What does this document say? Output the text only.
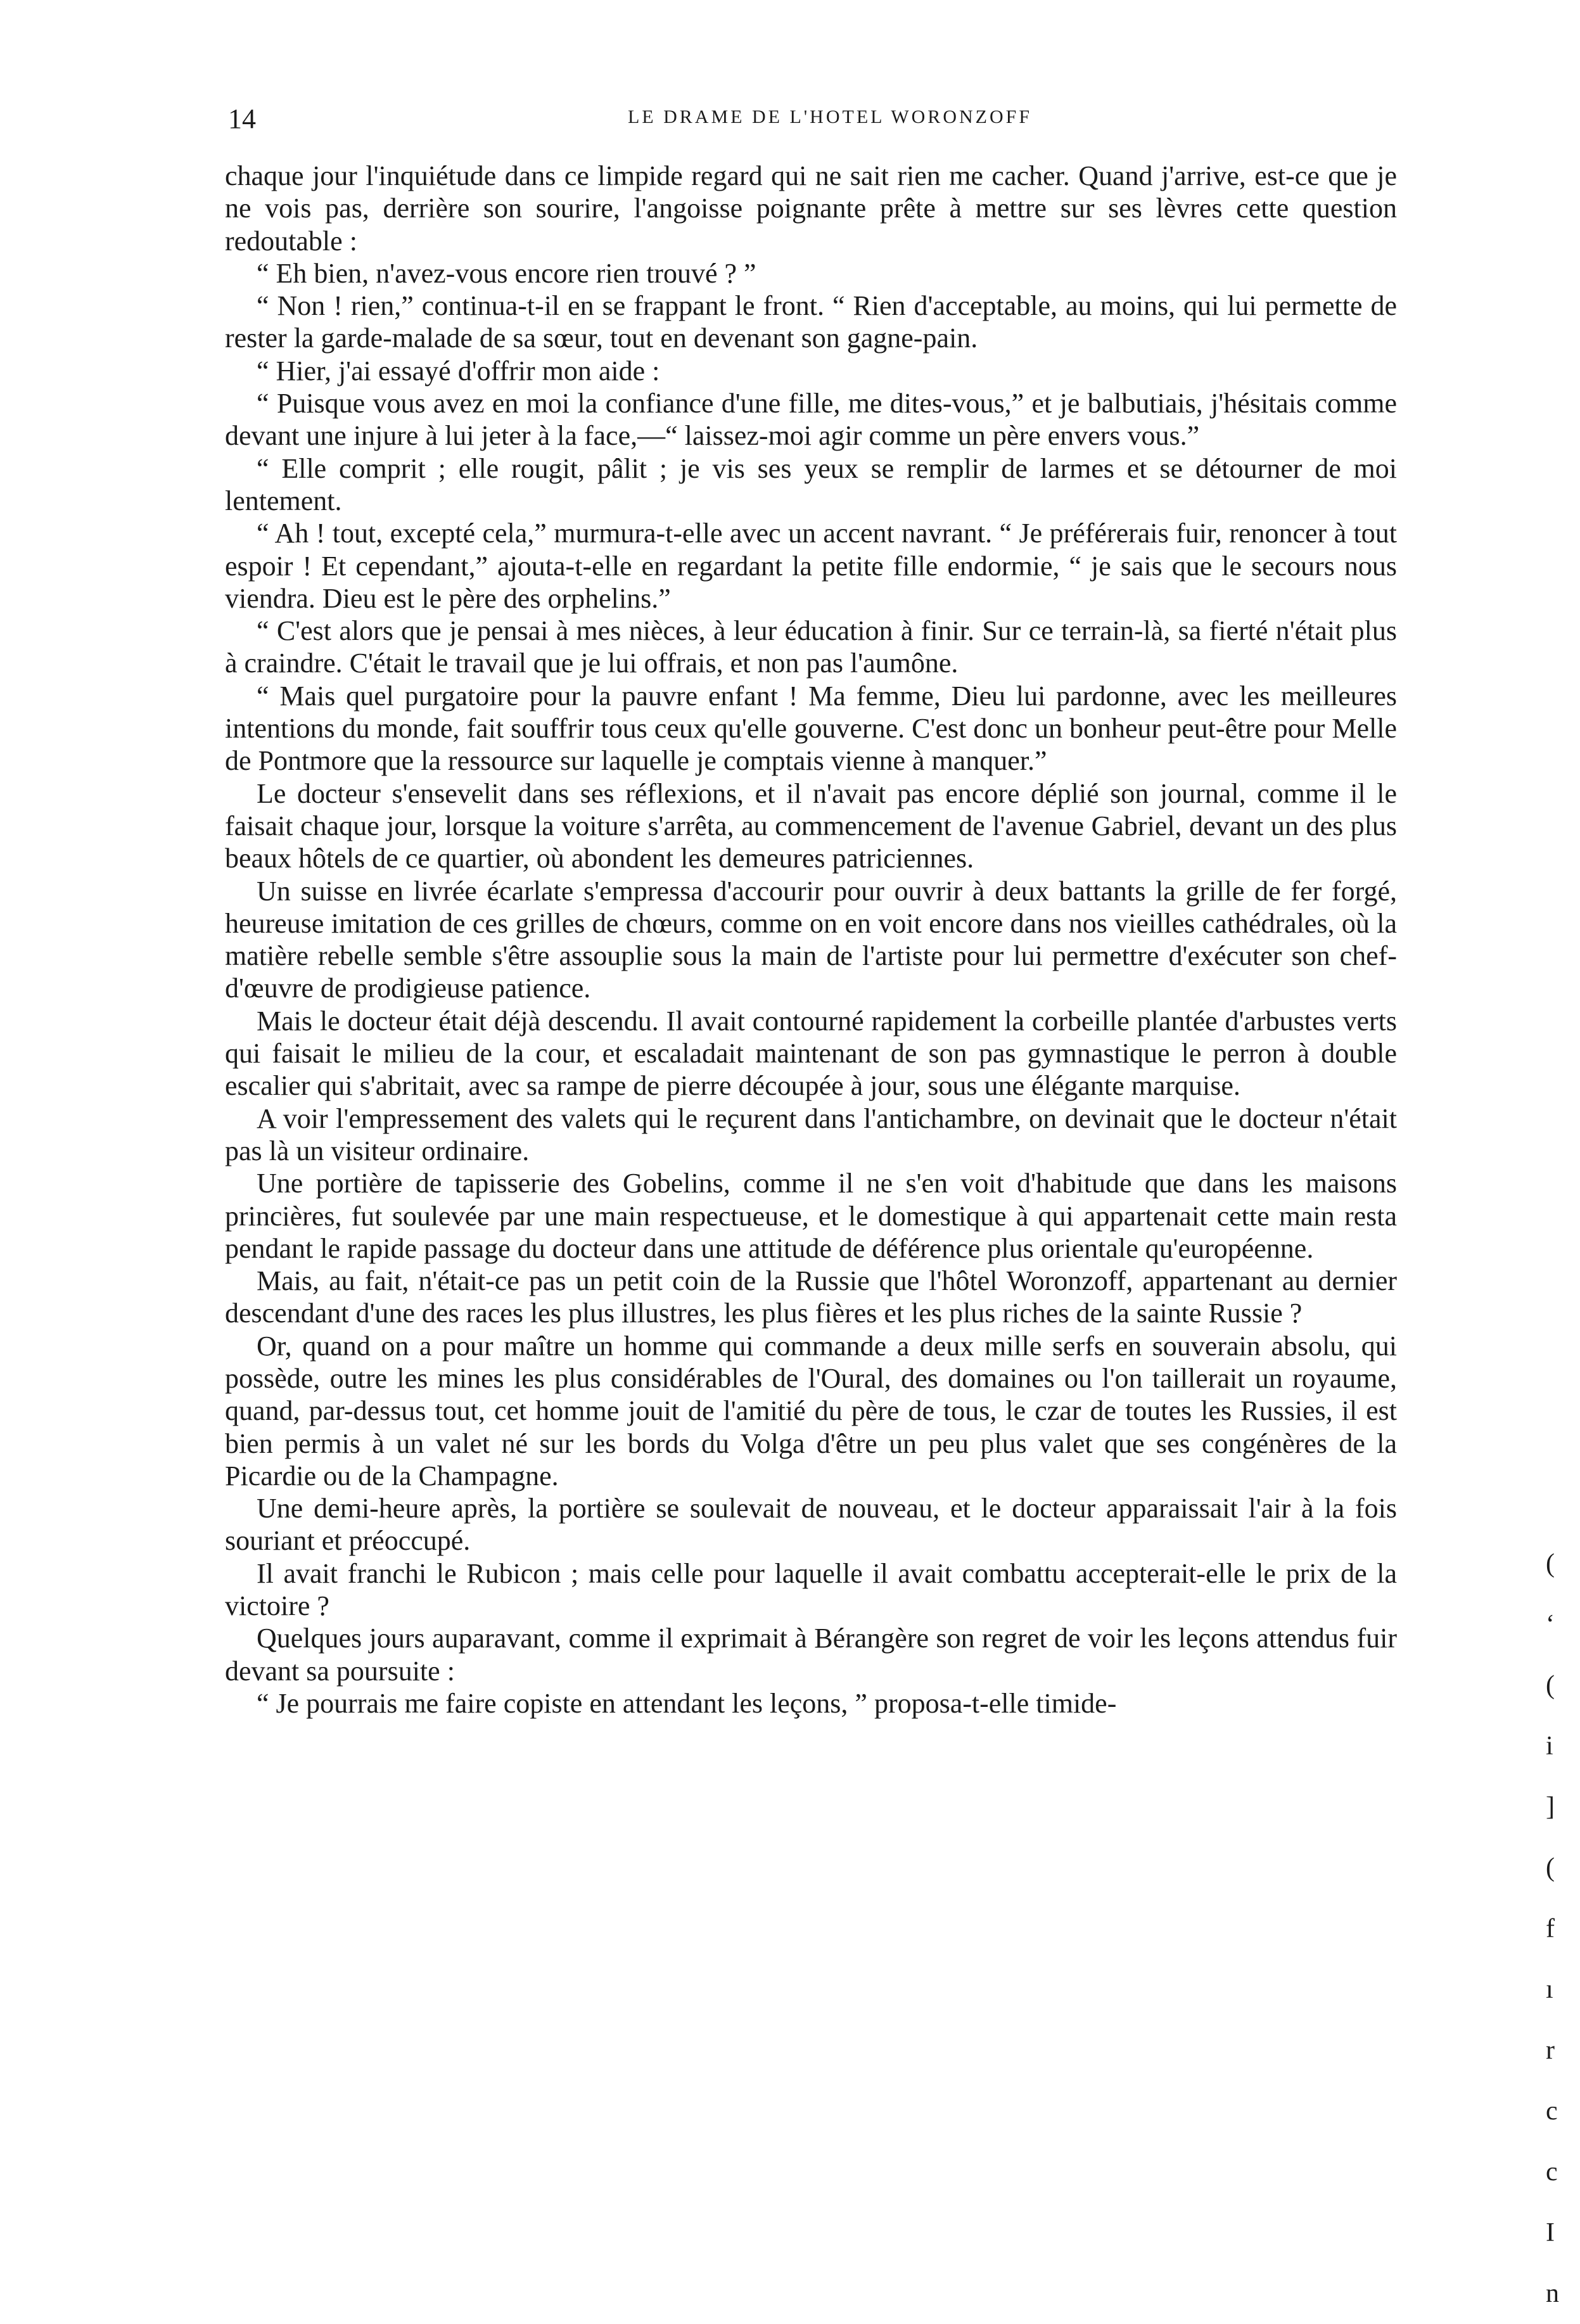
14	LE DRAME DE L'HOTEL WORONZOFF

chaque jour l'inquiétude dans ce limpide regard qui ne sait rien me cacher. Quand j'arrive, est-ce que je ne vois pas, derrière son sourire, l'angoisse poignante prête à mettre sur ses lèvres cette question redoutable :

“ Eh bien, n'avez-vous encore rien trouvé ? ”

“ Non ! rien,” continua-t-il en se frappant le front. “ Rien d'acceptable, au moins, qui lui permette de rester la garde-malade de sa sœur, tout en devenant son gagne-pain.

“ Hier, j'ai essayé d'offrir mon aide :

“ Puisque vous avez en moi la confiance d'une fille, me dites-vous,” et je balbutiais, j'hésitais comme devant une injure à lui jeter à la face,—“ laissez-moi agir comme un père envers vous.”

“ Elle comprit ; elle rougit, pâlit ; je vis ses yeux se remplir de larmes et se détourner de moi lentement.

“ Ah ! tout, excepté cela,” murmura-t-elle avec un accent navrant. “ Je préférerais fuir, renoncer à tout espoir ! Et cependant,” ajouta-t-elle en regardant la petite fille endormie, “ je sais que le secours nous viendra. Dieu est le père des orphelins.”

“ C'est alors que je pensai à mes nièces, à leur éducation à finir. Sur ce terrain-là, sa fierté n'était plus à craindre. C'était le travail que je lui offrais, et non pas l'aumône.

“ Mais quel purgatoire pour la pauvre enfant ! Ma femme, Dieu lui pardonne, avec les meilleures intentions du monde, fait souffrir tous ceux qu'elle gouverne. C'est donc un bonheur peut-être pour Melle de Pontmore que la ressource sur laquelle je comptais vienne à manquer.”

Le docteur s'ensevelit dans ses réflexions, et il n'avait pas encore déplié son journal, comme il le faisait chaque jour, lorsque la voiture s'arrêta, au commencement de l'avenue Gabriel, devant un des plus beaux hôtels de ce quartier, où abondent les demeures patriciennes.

Un suisse en livrée écarlate s'empressa d'accourir pour ouvrir à deux battants la grille de fer forgé, heureuse imitation de ces grilles de chœurs, comme on en voit encore dans nos vieilles cathédrales, où la matière rebelle semble s'être assouplie sous la main de l'artiste pour lui permettre d'exécuter son chef-d'œuvre de prodigieuse patience.

Mais le docteur était déjà descendu. Il avait contourné rapidement la corbeille plantée d'arbustes verts qui faisait le milieu de la cour, et escaladait maintenant de son pas gymnastique le perron à double escalier qui s'abritait, avec sa rampe de pierre découpée à jour, sous une élégante marquise.

A voir l'empressement des valets qui le reçurent dans l'antichambre, on devinait que le docteur n'était pas là un visiteur ordinaire.

Une portière de tapisserie des Gobelins, comme il ne s'en voit d'habitude que dans les maisons princières, fut soulevée par une main respectueuse, et le domestique à qui appartenait cette main resta pendant le rapide passage du docteur dans une attitude de déférence plus orientale qu'européenne.

Mais, au fait, n'était-ce pas un petit coin de la Russie que l'hôtel Woronzoff, appartenant au dernier descendant d'une des races les plus illustres, les plus fières et les plus riches de la sainte Russie ?

Or, quand on a pour maître un homme qui commande a deux mille serfs en souverain absolu, qui possède, outre les mines les plus considérables de l'Oural, des domaines ou l'on taillerait un royaume, quand, par-dessus tout, cet homme jouit de l'amitié du père de tous, le czar de toutes les Russies, il est bien permis à un valet né sur les bords du Volga d'être un peu plus valet que ses congénères de la Picardie ou de la Champagne.

Une demi-heure après, la portière se soulevait de nouveau, et le docteur apparaissait l'air à la fois souriant et préoccupé.

Il avait franchi le Rubicon ; mais celle pour laquelle il avait combattu accepterait-elle le prix de la victoire ?

Quelques jours auparavant, comme il exprimait à Bérangère son regret de voir les leçons attendus fuir devant sa poursuite :

“ Je pourrais me faire copiste en attendant les leçons, ” proposa-t-elle timide-

(
‘
(
i
]
(
f
ı
r
c
c
I
n
